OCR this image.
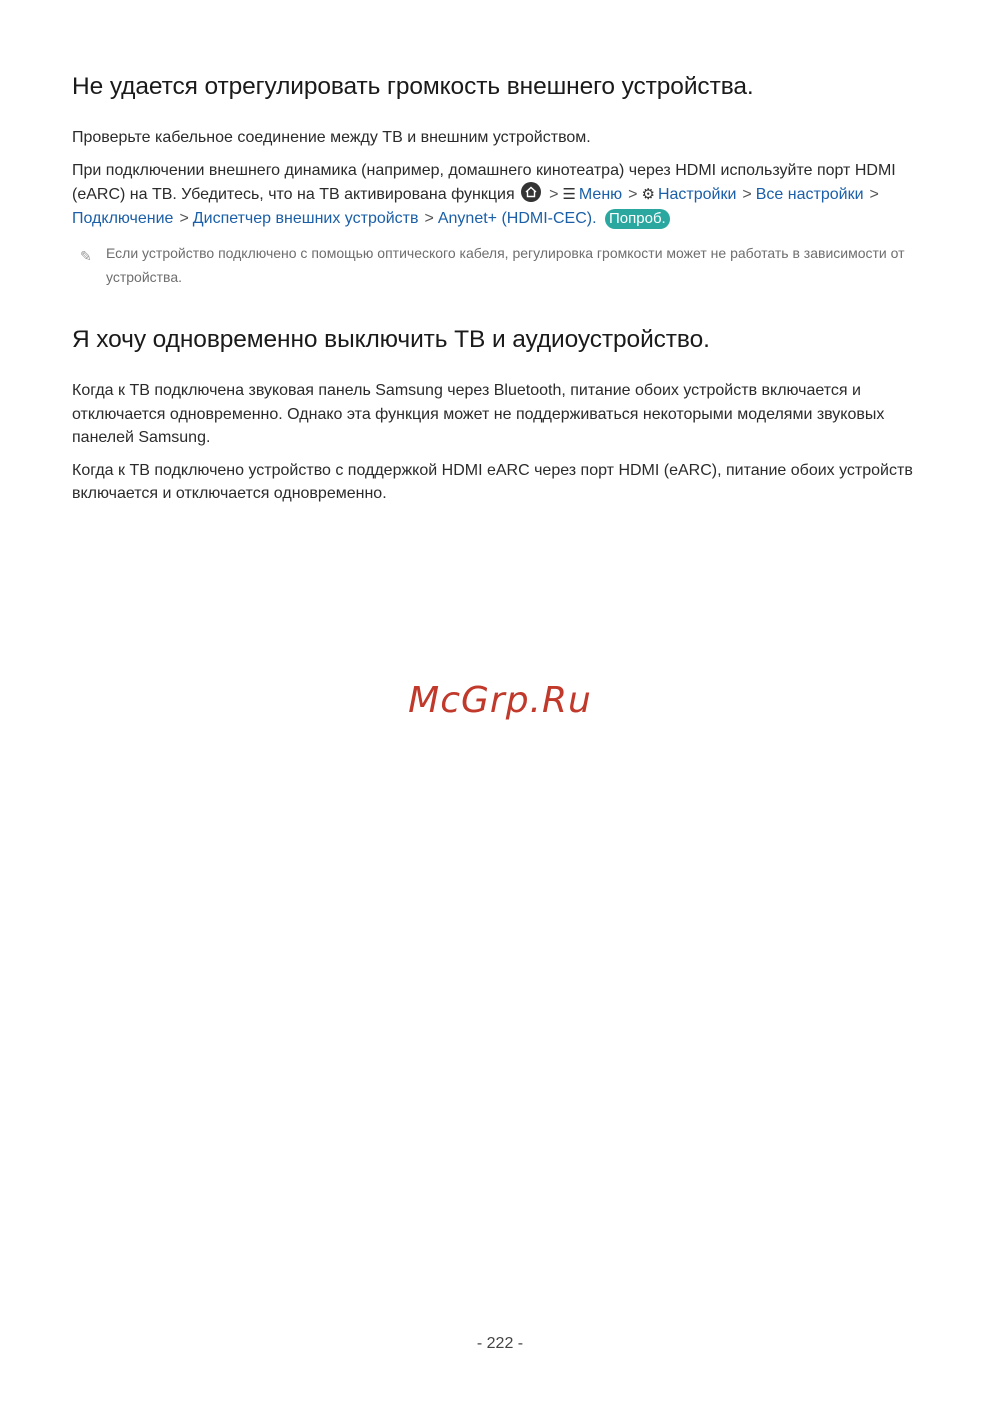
Не удается отрегулировать громкость внешнего устройства.

Проверьте кабельное соединение между ТВ и внешним устройством.

При подключении внешнего динамика (например, домашнего кинотеатра) через HDMI используйте порт HDMI (eARC) на ТВ. Убедитесь, что на ТВ активирована функция > ☰ Меню > ⚙ Настройки > Все настройки >
Подключение > Диспетчер внешних устройств > Anynet+ (HDMI-CEC). Попроб.

✎ Если устройство подключено с помощью оптического кабеля, регулировка громкости может не работать в зависимости от устройства.
Я хочу одновременно выключить ТВ и аудиоустройство.

Когда к ТВ подключена звуковая панель Samsung через Bluetooth, питание обоих устройств включается и отключается одновременно. Однако эта функция может не поддерживаться некоторыми моделями звуковых панелей Samsung.

Когда к ТВ подключено устройство с поддержкой HDMI eARC через порт HDMI (eARC), питание обоих устройств включается и отключается одновременно.

McGrp.Ru
- 222 -
